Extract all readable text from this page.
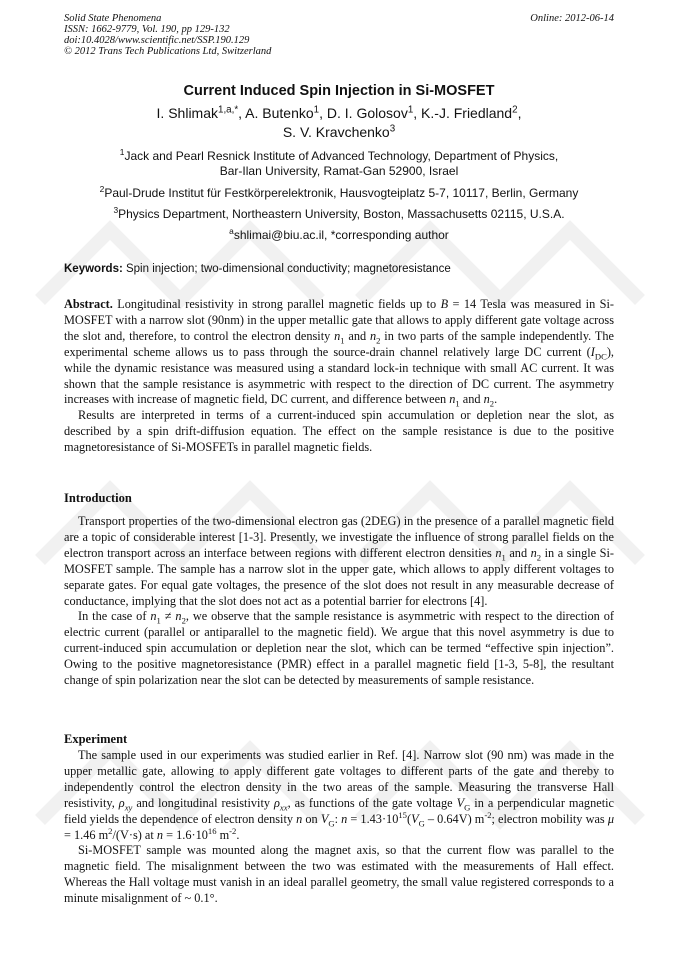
Solid State Phenomena
ISSN: 1662-9779, Vol. 190, pp 129-132
doi:10.4028/www.scientific.net/SSP.190.129
© 2012 Trans Tech Publications Ltd, Switzerland
Online: 2012-06-14
Current Induced Spin Injection in Si-MOSFET
I. Shlimak$^{1,a,*}$, A. Butenko$^1$, D. I. Golosov$^1$, K.-J. Friedland$^2$,
S. V. Kravchenko$^3$
$^1$Jack and Pearl Resnick Institute of Advanced Technology, Department of Physics,
Bar-Ilan University, Ramat-Gan 52900, Israel
$^2$Paul-Drude Institut für Festkörperelektronik, Hausvogteiplatz 5-7, 10117, Berlin, Germany
$^3$Physics Department, Northeastern University, Boston, Massachusetts 02115, U.S.A.
$^a$shlimai@biu.ac.il, *corresponding author
Keywords: Spin injection; two-dimensional conductivity; magnetoresistance

Abstract. Longitudinal resistivity in strong parallel magnetic fields up to B = 14 Tesla was measured in Si-MOSFET with a narrow slot (90nm) in the upper metallic gate that allows to apply different gate voltage across the slot and, therefore, to control the electron density $n_1$ and $n_2$ in two parts of the sample independently. The experimental scheme allows us to pass through the source-drain channel relatively large DC current $(I_{DC})$, while the dynamic resistance was measured using a standard lock-in technique with small AC current. It was shown that the sample resistance is asymmetric with respect to the direction of DC current. The asymmetry increases with increase of magnetic field, DC current, and difference between $n_1$ and $n_2$.

Results are interpreted in terms of a current-induced spin accumulation or depletion near the slot, as described by a spin drift-diffusion equation. The effect on the sample resistance is due to the positive magnetoresistance of Si-MOSFETs in parallel magnetic fields.

Introduction

Transport properties of the two-dimensional electron gas (2DEG) in the presence of a parallel magnetic field are a topic of considerable interest [1-3]. Presently, we investigate the influence of strong parallel fields on the electron transport across an interface between regions with different electron densities $n_1$ and $n_2$ in a single Si-MOSFET sample. The sample has a narrow slot in the upper gate, which allows to apply different voltages to separate gates. For equal gate voltages, the presence of the slot does not result in any measurable decrease of conductance, implying that the slot does not act as a potential barrier for electrons [4].

In the case of $n_1 \ne n_2$, we observe that the sample resistance is asymmetric with respect to the direction of electric current (parallel or antiparallel to the magnetic field). We argue that this novel asymmetry is due to current-induced spin accumulation or depletion near the slot, which can be termed “effective spin injection”. Owing to the positive magnetoresistance (PMR) effect in a parallel magnetic field [1-3, 5-8], the resultant change of spin polarization near the slot can be detected by measurements of sample resistance.

Experiment

The sample used in our experiments was studied earlier in Ref. [4]. Narrow slot (90 nm) was made in the upper metallic gate, allowing to apply different gate voltages to different parts of the gate and thereby to independently control the electron density in the two areas of the sample. Measuring the transverse Hall resistivity, $\rho_{xy}$ and longitudinal resistivity $\rho_{xx}$, as functions of the gate voltage $V_G$ in a perpendicular magnetic field yields the dependence of electron density n on $V_G$: $n = 1.43\cdot 10^{15}(V_G - 0.64V)$ $m^{-2}$; electron mobility was μ = 1.46 $m^2/(V\cdot s)$ at $n = 1.6\cdot 10^{16}$ $m^{-2}$.

Si-MOSFET sample was mounted along the magnet axis, so that the current flow was parallel to the magnetic field. The misalignment between the two was estimated with the measurements of Hall effect. Whereas the Hall voltage must vanish in an ideal parallel geometry, the small value registered corresponds to a minute misalignment of ~ 0.1°.
